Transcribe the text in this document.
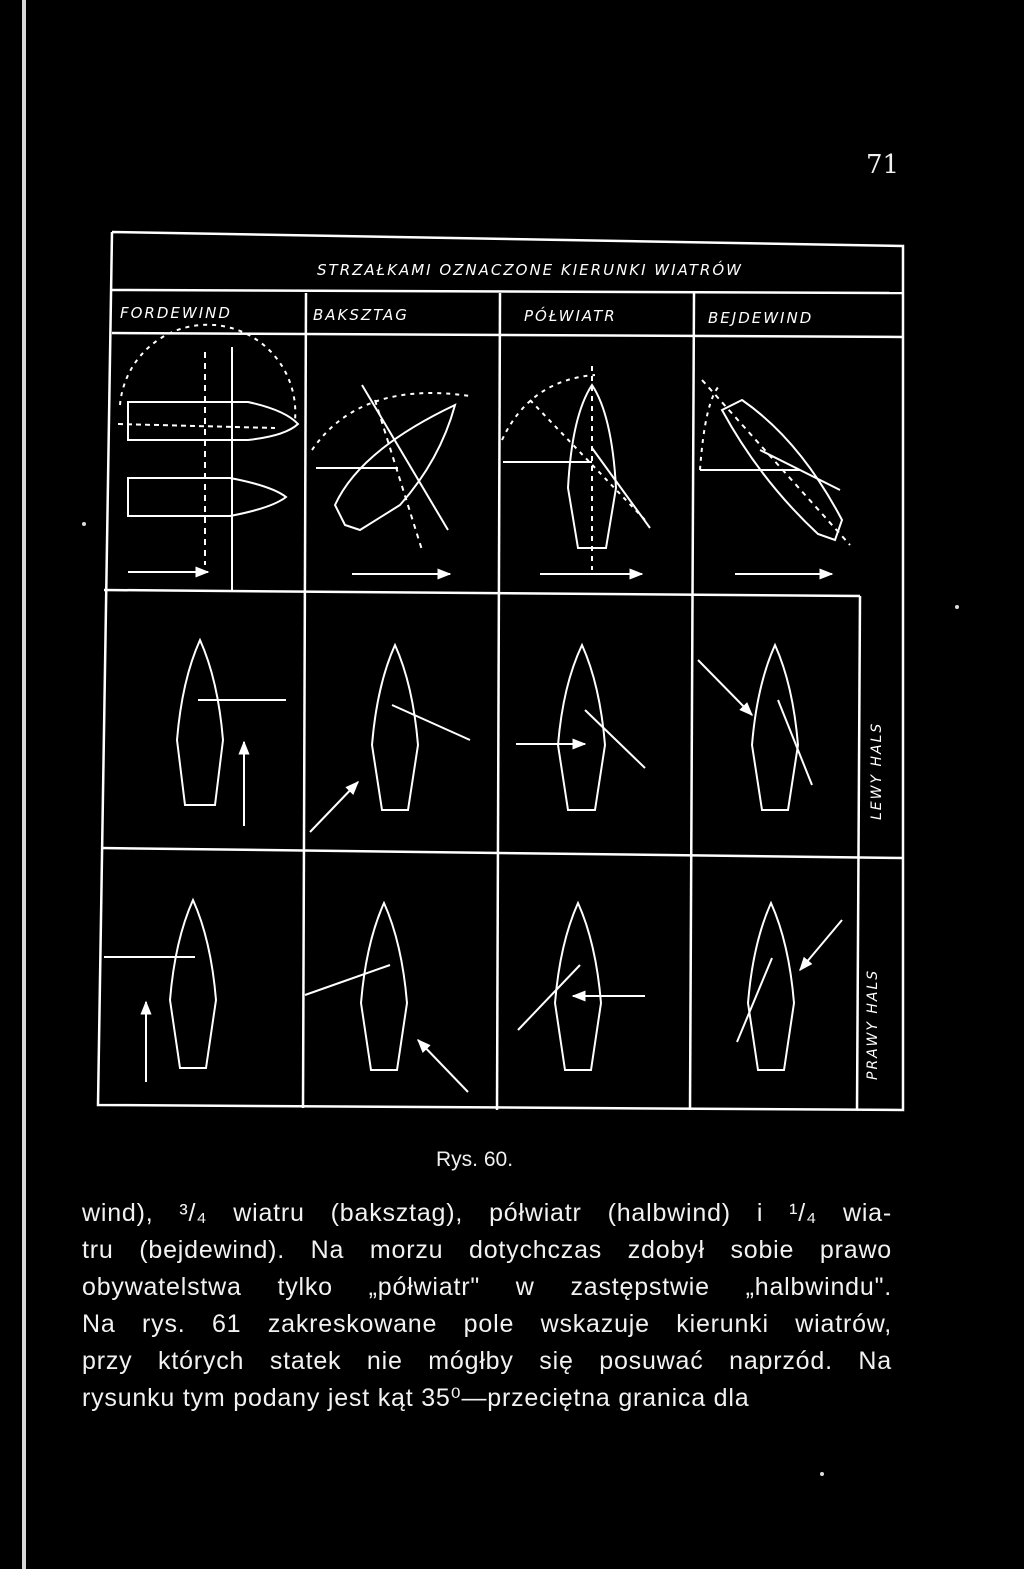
71
STRZAŁKAMI OZNACZONE KIERUNKI WIATRÓW
FORDEWIND	BAKSZTAG	PÓŁWIATR	BEJDEWIND
LEWY HALS
PRAWY HALS
Rys. 60.
wind), ³/₄ wiatru (baksztag), półwiatr (halbwind) i ¹/₄ wia-
tru (bejdewind). Na morzu dotychczas zdobył sobie prawo
obywatelstwa tylko „półwiatr" w zastępstwie „halbwindu".
Na rys. 61 zakreskowane pole wskazuje kierunki wiatrów,
przy których statek nie mógłby się posuwać naprzód. Na
rysunku tym podany jest kąt 35⁰—przeciętna granica dla
